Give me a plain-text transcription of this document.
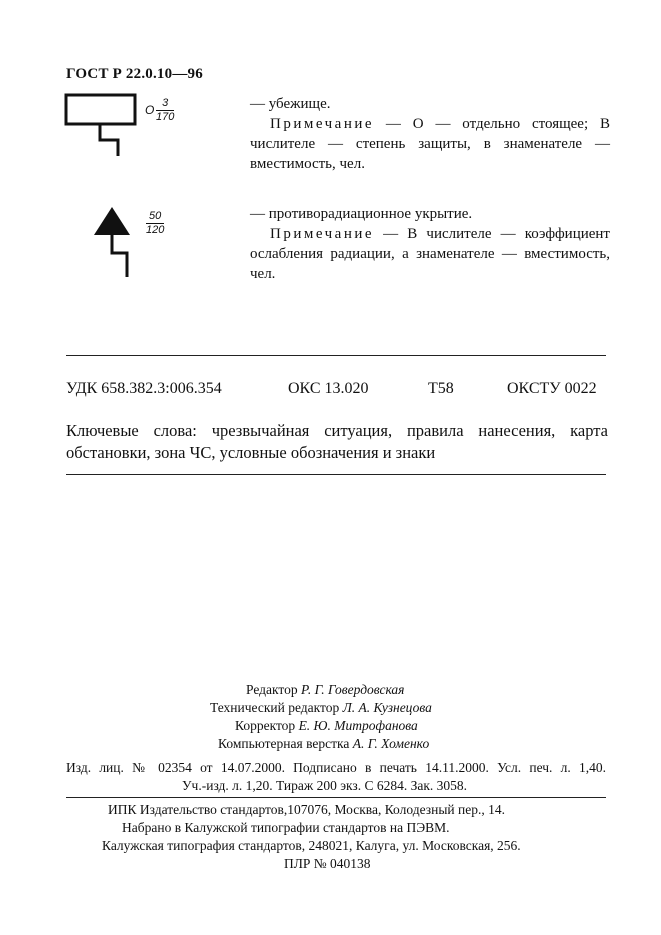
ГОСТ Р 22.0.10—96
О $\frac{3}{170}$	— убежище.

Примечание — О — отдельно стоящее; В числителе — степень защиты, в знаменателе — вместимость, чел.

$\frac{50}{120}$	— противорадиационное укрытие.

Примечание — В числителе — коэффициент ослабления радиации, а знаменателе — вместимость, чел.

УДК 658.382.3:006.354	ОКС 13.020	Т58	ОКСТУ 0022
Ключевые слова: чрезвычайная ситуация, правила нанесения, карта обстановки, зона ЧС, условные обозначения и знаки
Редактор Р. Г. Говердовская
Технический редактор Л. А. Кузнецова
Корректор Е. Ю. Митрофанова
Компьютерная верстка А. Г. Хоменко
Изд. лиц. № 02354 от 14.07.2000. Подписано в печать 14.11.2000. Усл. печ. л. 1,40.
Уч.-изд. л. 1,20. Тираж 200 экз. С 6284. Зак. 3058.
ИПК Издательство стандартов,107076, Москва, Колодезный пер., 14.
Набрано в Калужской типографии стандартов на ПЭВМ.
Калужская типография стандартов, 248021, Калуга, ул. Московская, 256.
ПЛР № 040138
